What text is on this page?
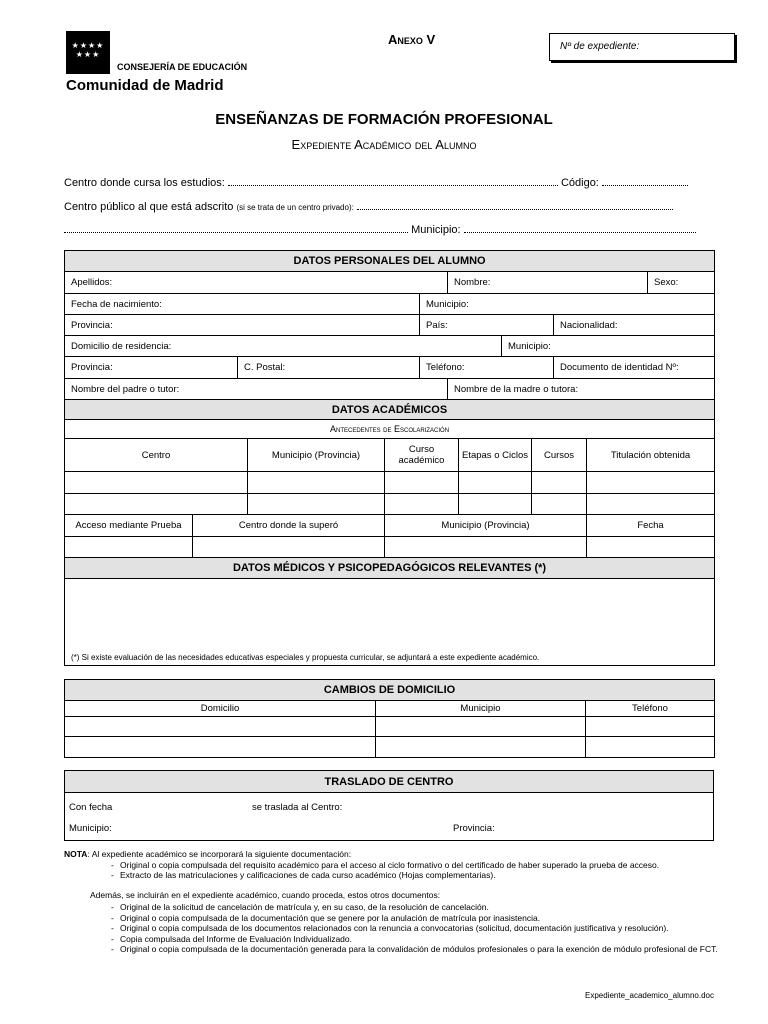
★★★★
★★★
CONSEJERÍA DE EDUCACIÓN
Comunidad de Madrid
Anexo V	Nº de expediente:
ENSEÑANZAS DE FORMACIÓN PROFESIONAL
Expediente Académico del Alumno
Centro donde cursa los estudios:	Código:
Centro público al que está adscrito (si se trata de un centro privado):
Municipio:
DATOS PERSONALES DEL ALUMNO						
Apellidos:			Nombre:			Sexo:
Fecha de nacimiento:		Municipio:				
Provincia:		País:			Nacionalidad:	
Domicilio de residencia:				Municipio:		
Provincia:	C. Postal:	Teléfono:			Documento de identidad Nº:	
Nombre del padre o tutor:			Nombre de la madre o tutora:			
DATOS ACADÉMICOS						
Antecedentes de Escolarización						
Centro		Municipio (Provincia)	Curso académico	Etapas o Ciclos	Cursos	Titulación obtenida

Acceso mediante Prueba	Centro donde la superó		Municipio (Provincia)			Fecha

DATOS MÉDICOS Y PSICOPEDAGÓGICOS RELEVANTES (*)						
(*) Si existe evaluación de las necesidades educativas especiales y propuesta curricular, se adjuntará a este expediente académico.						
CAMBIOS DE DOMICILIO		
Domicilio	Municipio	Teléfono

TRASLADO DE CENTRO

Con fecha	se traslada al Centro:
Municipio:	Provincia:
NOTA: Al expediente académico se incorporará la siguiente documentación:
- Original o copia compulsada del requisito académico para el acceso al ciclo formativo o del certificado de haber superado la prueba de acceso.
- Extracto de las matriculaciones y calificaciones de cada curso académico (Hojas complementarias).
Además, se incluirán en el expediente académico, cuando proceda, estos otros documentos:
- Original de la solicitud de cancelación de matrícula y, en su caso, de la resolución de cancelación.
- Original o copia compulsada de la documentación que se genere por la anulación de matrícula por inasistencia.
- Original o copia compulsada de los documentos relacionados con la renuncia a convocatorias (solicitud, documentación justificativa y resolución).
- Copia compulsada del Informe de Evaluación Individualizado.
- Original o copia compulsada de la documentación generada para la convalidación de módulos profesionales o para la exención de módulo profesional de FCT.
Expediente_academico_alumno.doc
